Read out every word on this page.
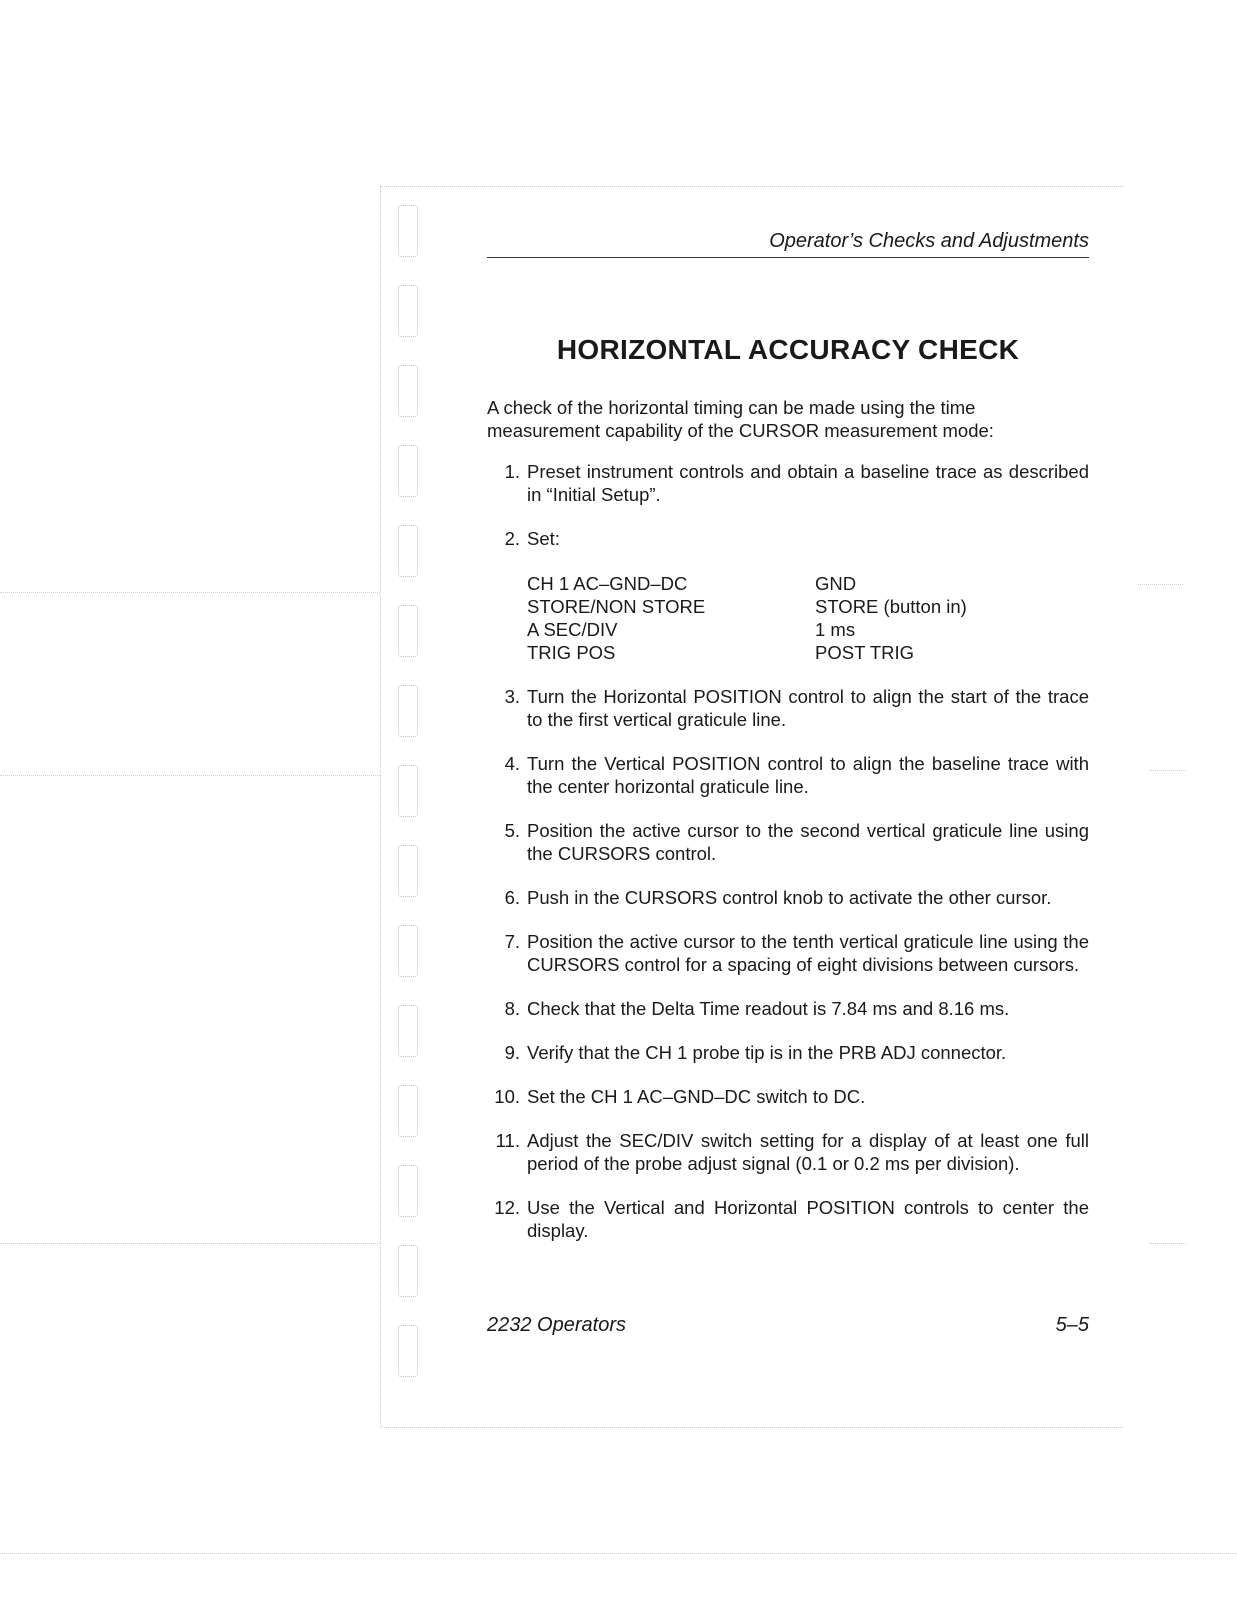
Operator’s Checks and Adjustments
HORIZONTAL ACCURACY CHECK
A check of the horizontal timing can be made using the time measurement capability of the CURSOR measurement mode:
1. Preset instrument controls and obtain a baseline trace as described in “Initial Setup”.
2. Set:
CH 1 AC–GND–DC	GND
STORE/NON STORE	STORE (button in)
A SEC/DIV	1 ms
TRIG POS	POST TRIG
3. Turn the Horizontal POSITION control to align the start of the trace to the first vertical graticule line.
4. Turn the Vertical POSITION control to align the baseline trace with the center horizontal graticule line.
5. Position the active cursor to the second vertical graticule line using the CURSORS control.
6. Push in the CURSORS control knob to activate the other cursor.
7. Position the active cursor to the tenth vertical graticule line using the CURSORS control for a spacing of eight divisions between cursors.
8. Check that the Delta Time readout is 7.84 ms and 8.16 ms.
9. Verify that the CH 1 probe tip is in the PRB ADJ connector.
10. Set the CH 1 AC–GND–DC switch to DC.
11. Adjust the SEC/DIV switch setting for a display of at least one full period of the probe adjust signal (0.1 or 0.2 ms per division).
12. Use the Vertical and Horizontal POSITION controls to center the display.
2232 Operators	5–5
